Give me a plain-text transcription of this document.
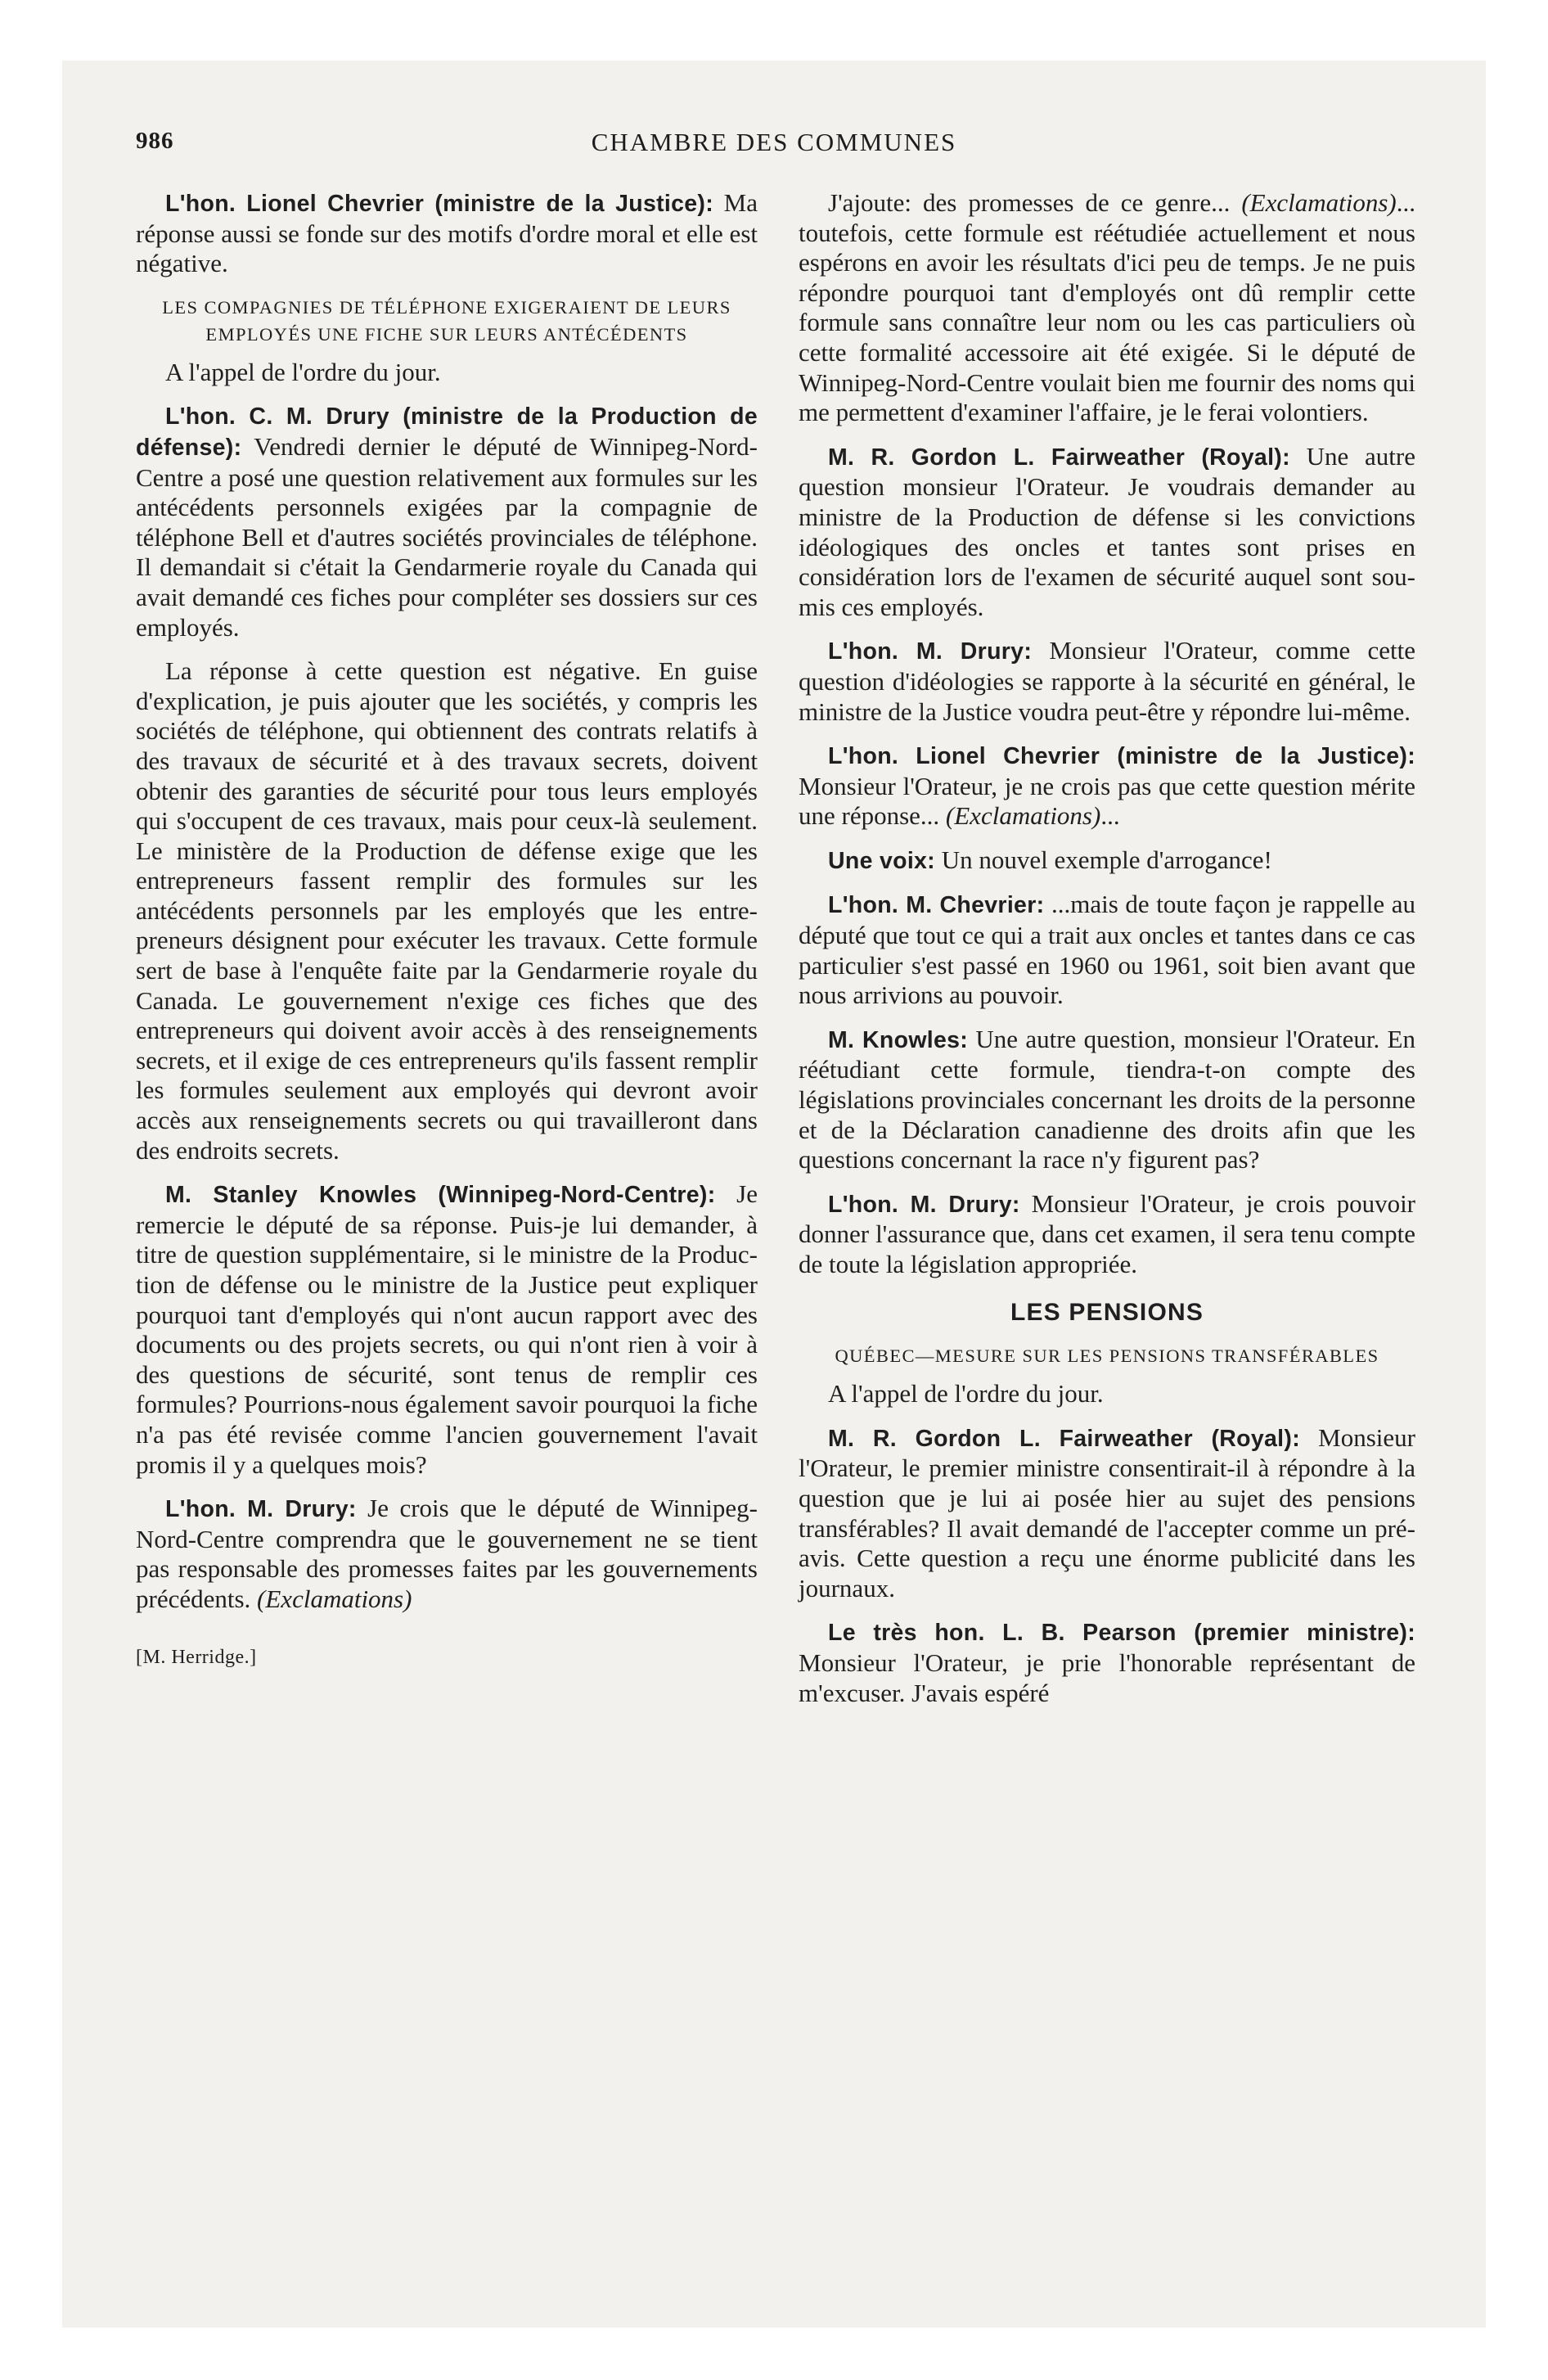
986	CHAMBRE DES COMMUNES

L'hon. Lionel Chevrier (ministre de la Justice): Ma réponse aussi se fonde sur des motifs d'ordre moral et elle est négative.

LES COMPAGNIES DE TÉLÉPHONE EXIGERAIENT DE LEURS EMPLOYÉS UNE FICHE SUR LEURS ANTÉCÉDENTS

A l'appel de l'ordre du jour.

L'hon. C. M. Drury (ministre de la Production de défense): Vendredi dernier le député de Winnipeg-Nord-Centre a posé une question relativement aux formules sur les antécédents personnels exigées par la compagnie de téléphone Bell et d'autres sociétés provinciales de téléphone. Il demandait si c'était la Gendarmerie royale du Canada qui avait demandé ces fiches pour compléter ses dossiers sur ces employés.

La réponse à cette question est négative. En guise d'explication, je puis ajouter que les sociétés, y compris les sociétés de téléphone, qui obtiennent des contrats relatifs à des travaux de sécurité et à des travaux secrets, doivent obtenir des garanties de sécurité pour tous leurs employés qui s'occupent de ces travaux, mais pour ceux-là seulement. Le ministère de la Production de défense exige que les entrepreneurs fassent remplir des formules sur les antécédents personnels par les employés que les entrepreneurs désignent pour exécuter les travaux. Cette formule sert de base à l'enquête faite par la Gendarmerie royale du Canada. Le gouvernement n'exige ces fiches que des entrepreneurs qui doivent avoir accès à des renseignements secrets, et il exige de ces entrepreneurs qu'ils fassent remplir les formules seulement aux employés qui devront avoir accès aux renseignements secrets ou qui travailleront dans des endroits secrets.

M. Stanley Knowles (Winnipeg-Nord-Centre): Je remercie le député de sa réponse. Puis-je lui demander, à titre de question supplémentaire, si le ministre de la Production de défense ou le ministre de la Justice peut expliquer pourquoi tant d'employés qui n'ont aucun rapport avec des documents ou des projets secrets, ou qui n'ont rien à voir à des questions de sécurité, sont tenus de remplir ces formules? Pourrions-nous également savoir pourquoi la fiche n'a pas été revisée comme l'ancien gouvernement l'avait promis il y a quelques mois?

L'hon. M. Drury: Je crois que le député de Winnipeg-Nord-Centre comprendra que le gouvernement ne se tient pas responsable des promesses faites par les gouvernements précédents. (Exclamations)

[M. Herridge.]

J'ajoute: des promesses de ce genre... (Exclamations)... toutefois, cette formule est réétudiée actuellement et nous espérons en avoir les résultats d'ici peu de temps. Je ne puis répondre pourquoi tant d'employés ont dû remplir cette formule sans connaître leur nom ou les cas particuliers où cette formalité accessoire ait été exigée. Si le député de Winnipeg-Nord-Centre voulait bien me fournir des noms qui me permettent d'examiner l'affaire, je le ferai volontiers.

M. R. Gordon L. Fairweather (Royal): Une autre question monsieur l'Orateur. Je voudrais demander au ministre de la Production de défense si les convictions idéologiques des oncles et tantes sont prises en considération lors de l'examen de sécurité auquel sont soumis ces employés.

L'hon. M. Drury: Monsieur l'Orateur, comme cette question d'idéologies se rapporte à la sécurité en général, le ministre de la Justice voudra peut-être y répondre lui-même.

L'hon. Lionel Chevrier (ministre de la Justice): Monsieur l'Orateur, je ne crois pas que cette question mérite une réponse... (Exclamations)...

Une voix: Un nouvel exemple d'arrogance!

L'hon. M. Chevrier: ...mais de toute façon je rappelle au député que tout ce qui a trait aux oncles et tantes dans ce cas particulier s'est passé en 1960 ou 1961, soit bien avant que nous arrivions au pouvoir.

M. Knowles: Une autre question, monsieur l'Orateur. En réétudiant cette formule, tiendra-t-on compte des législations provinciales concernant les droits de la personne et de la Déclaration canadienne des droits afin que les questions concernant la race n'y figurent pas?

L'hon. M. Drury: Monsieur l'Orateur, je crois pouvoir donner l'assurance que, dans cet examen, il sera tenu compte de toute la législation appropriée.

LES PENSIONS
QUÉBEC—MESURE SUR LES PENSIONS TRANSFÉRABLES

A l'appel de l'ordre du jour.

M. R. Gordon L. Fairweather (Royal): Monsieur l'Orateur, le premier ministre consentirait-il à répondre à la question que je lui ai posée hier au sujet des pensions transférables? Il avait demandé de l'accepter comme un préavis. Cette question a reçu une énorme publicité dans les journaux.

Le très hon. L. B. Pearson (premier ministre): Monsieur l'Orateur, je prie l'honorable représentant de m'excuser. J'avais espéré
